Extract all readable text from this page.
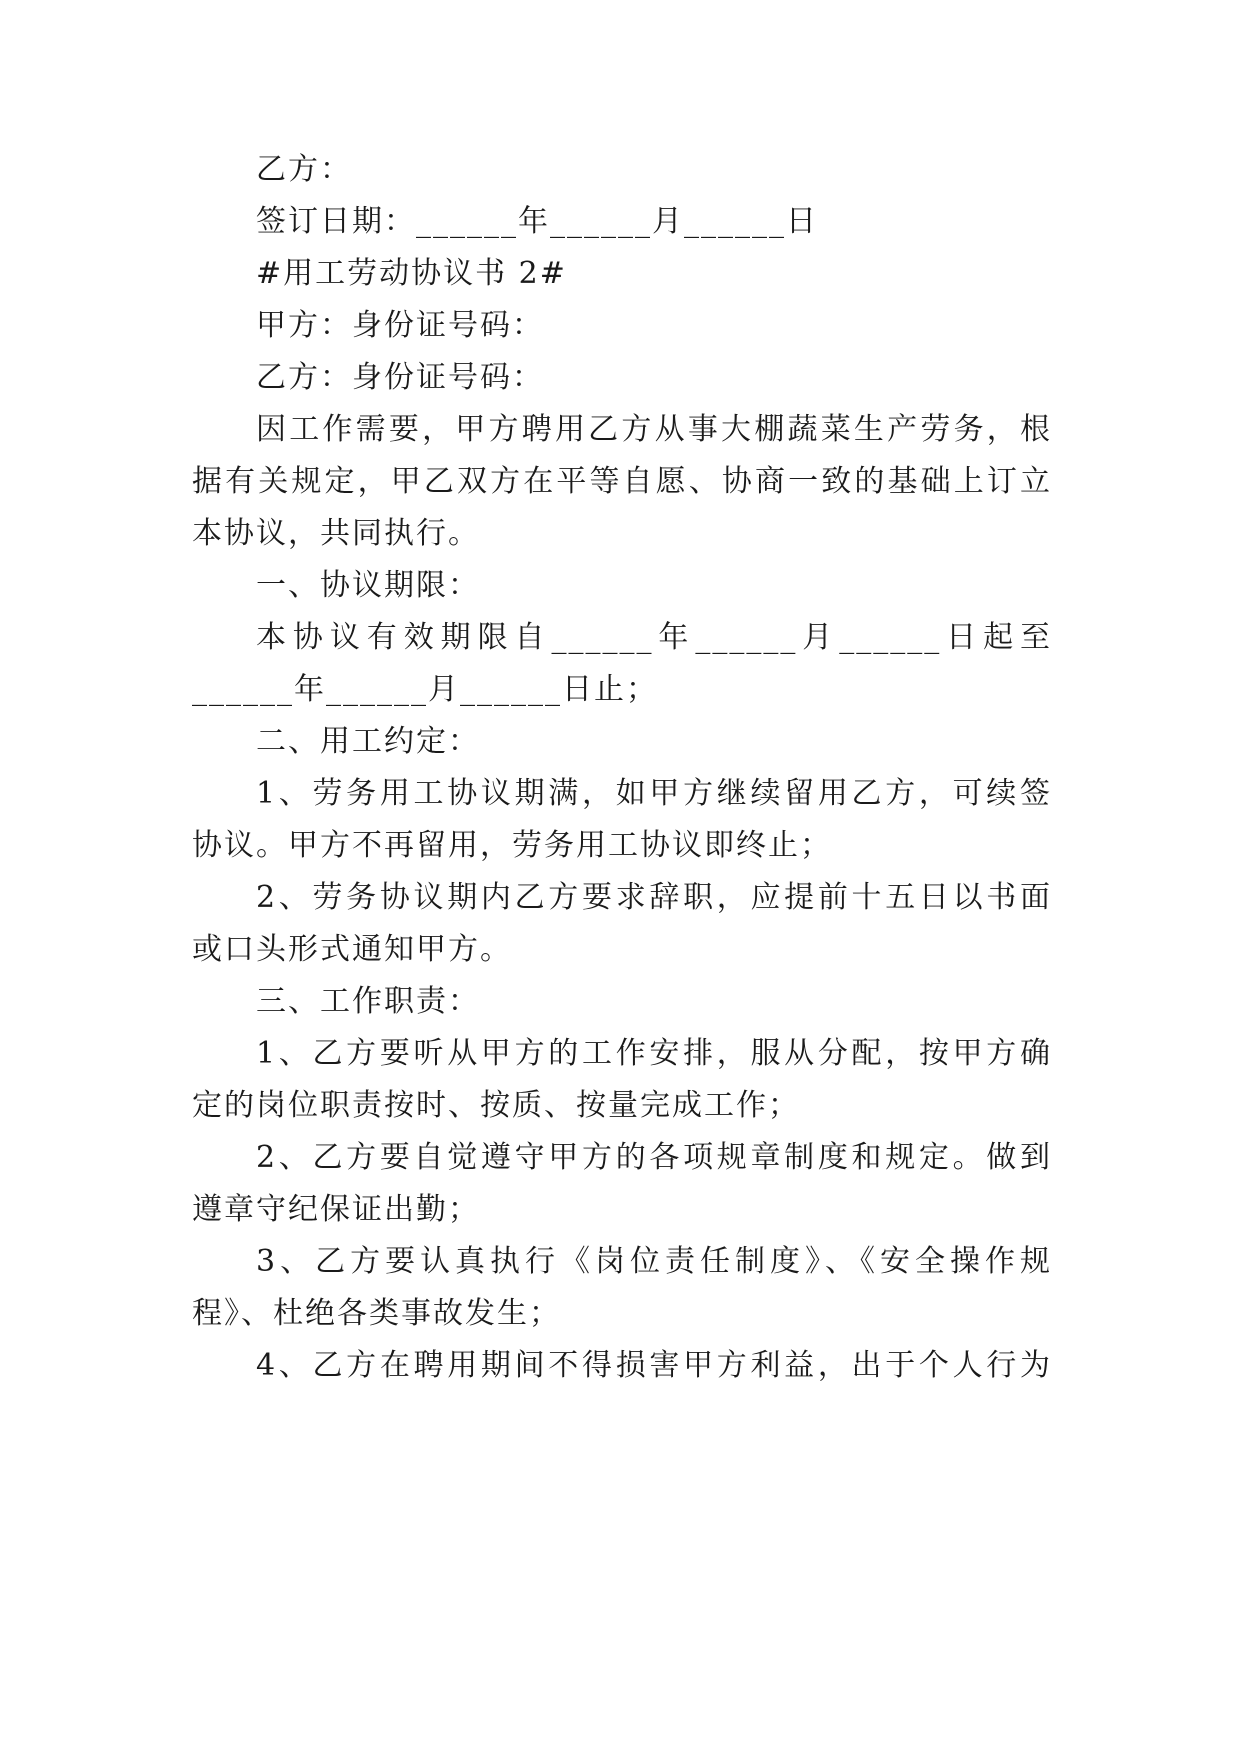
乙方：
签订日期：______年______月______日
#用工劳动协议书 2#
甲方：身份证号码：
乙方：身份证号码：
因工作需要，甲方聘用乙方从事大棚蔬菜生产劳务，根
据有关规定，甲乙双方在平等自愿、协商一致的基础上订立
本协议，共同执行。
一、协议期限：
本协议有效期限自______年______月______日起至
______年______月______日止；
二、用工约定：
1、劳务用工协议期满，如甲方继续留用乙方，可续签
协议。甲方不再留用，劳务用工协议即终止；
2、劳务协议期内乙方要求辞职，应提前十五日以书面
或口头形式通知甲方。
三、工作职责：
1、乙方要听从甲方的工作安排，服从分配，按甲方确
定的岗位职责按时、按质、按量完成工作；
2、乙方要自觉遵守甲方的各项规章制度和规定。做到
遵章守纪保证出勤；
3、乙方要认真执行《岗位责任制度》、《安全操作规
程》、杜绝各类事故发生；
4、乙方在聘用期间不得损害甲方利益，出于个人行为
